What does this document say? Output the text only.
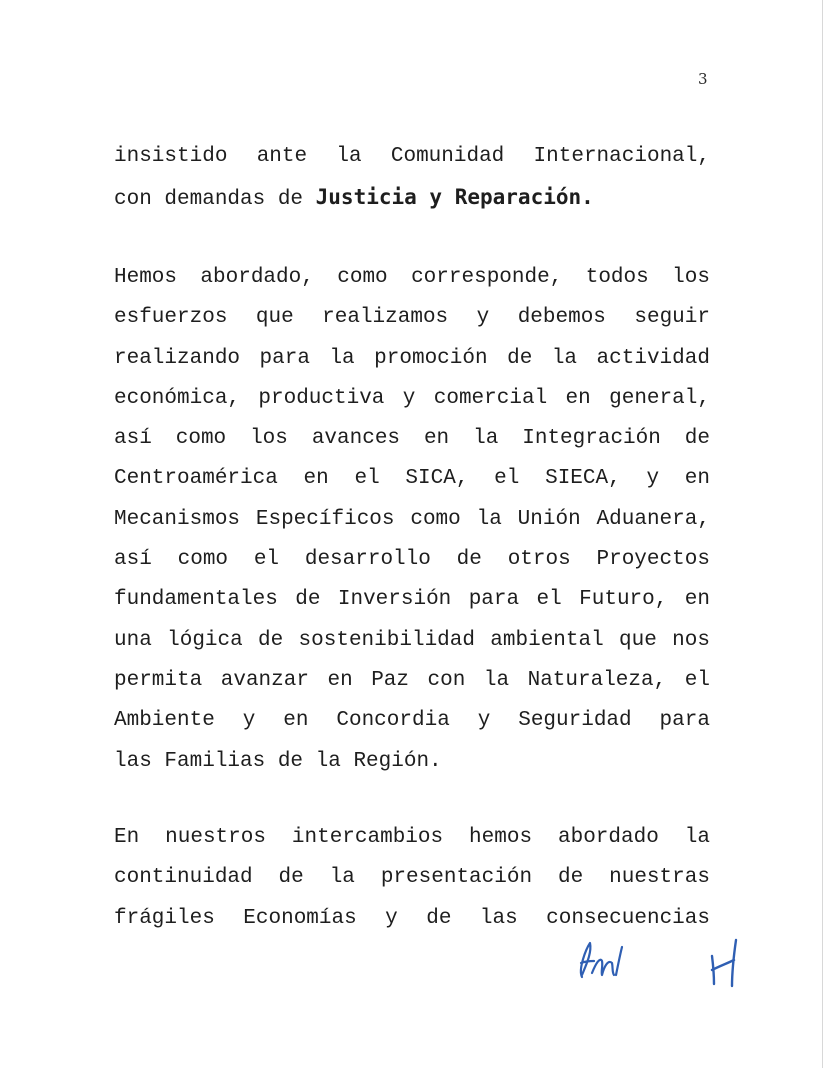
3
insistido ante la Comunidad Internacional,
con demandas de Justicia y Reparación.
Hemos abordado, como corresponde, todos los
esfuerzos que realizamos y debemos seguir
realizando para la promoción de la actividad
económica, productiva y comercial en general,
así como los avances en la Integración de
Centroamérica en el SICA, el SIECA, y en
Mecanismos Específicos como la Unión Aduanera,
así como el desarrollo de otros Proyectos
fundamentales de Inversión para el Futuro, en
una lógica de sostenibilidad ambiental que nos
permita avanzar en Paz con la Naturaleza, el
Ambiente y en Concordia y Seguridad para
las Familias de la Región.
En nuestros intercambios hemos abordado la
continuidad de la presentación de nuestras
frágiles Economías y de las consecuencias
